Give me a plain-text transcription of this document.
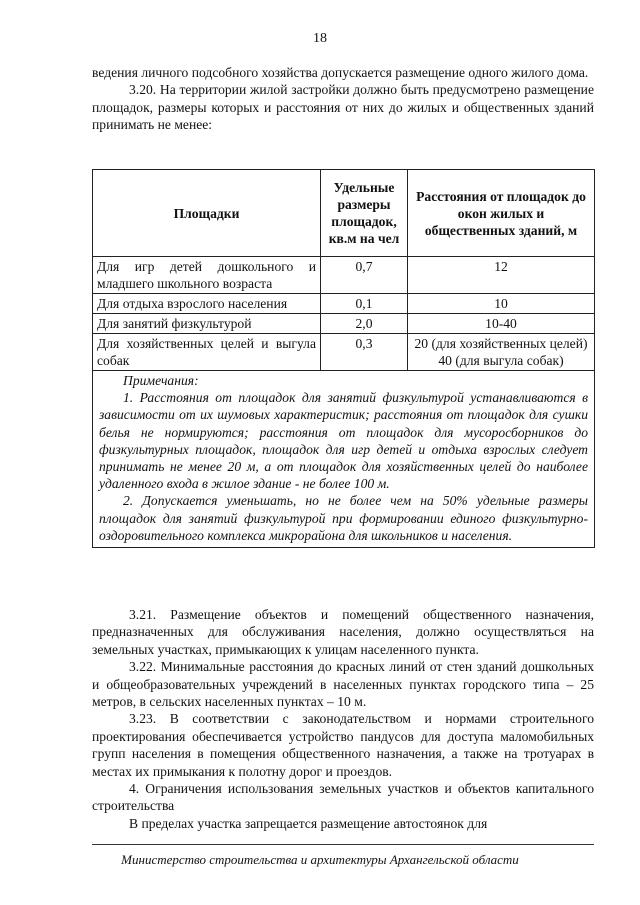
18

ведения личного подсобного хозяйства допускается размещение одного жилого дома.

3.20. На территории жилой застройки должно быть предусмотрено размещение площадок, размеры которых и расстояния от них до жилых и общественных зданий принимать не менее:

Площадки	Удельные размеры площадок, кв.м на чел	Расстояния от площадок до окон жилых и общественных зданий, м
Для игр детей дошкольного и младшего школьного возраста	0,7	12
Для отдыха взрослого населения	0,1	10
Для занятий физкультурой	2,0	10-40
Для хозяйственных целей и выгула собак	0,3	20 (для хозяйственных целей)
40 (для выгула собак)

Примечания:
1. Расстояния от площадок для занятий физкультурой устанавливаются в зависимости от их шумовых характеристик; расстояния от площадок для сушки белья не нормируются; расстояния от площадок для мусоросборников до физкультурных площадок, площадок для игр детей и отдыха взрослых следует принимать не менее 20 м, а от площадок для хозяйственных целей до наиболее удаленного входа в жилое здание - не более 100 м.
2. Допускается уменьшать, но не более чем на 50% удельные размеры площадок для занятий физкультурой при формировании единого физкультурно-оздоровительного комплекса микрорайона для школьников и населения.		

3.21. Размещение объектов и помещений общественного назначения, предназначенных для обслуживания населения, должно осуществляться на земельных участках, примыкающих к улицам населенного пункта.

3.22. Минимальные расстояния до красных линий от стен зданий дошкольных и общеобразовательных учреждений в населенных пунктах городского типа – 25 метров, в сельских населенных пунктах – 10 м.

3.23. В соответствии с законодательством и нормами строительного проектирования обеспечивается устройство пандусов для доступа маломобильных групп населения в помещения общественного назначения, а также на тротуарах в местах их примыкания к полотну дорог и проездов.

4. Ограничения использования земельных участков и объектов капитального строительства

В пределах участка запрещается размещение автостоянок для

Министерство строительства и архитектуры Архангельской области
